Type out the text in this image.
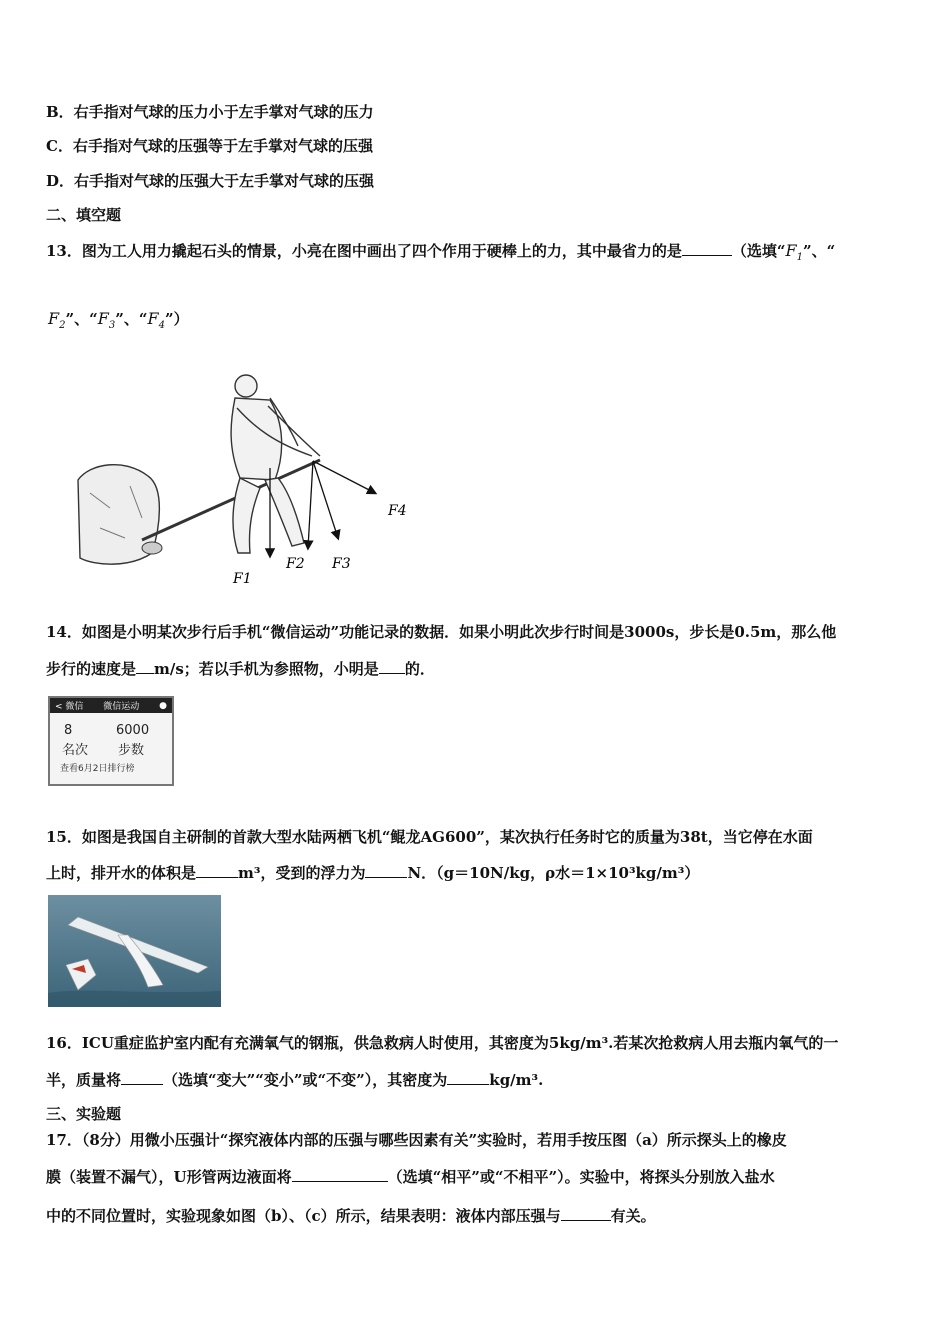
B．右手指对气球的压力小于左手掌对气球的压力
C．右手指对气球的压强等于左手掌对气球的压强
D．右手指对气球的压强大于左手掌对气球的压强
二、填空题
13．图为工人用力撬起石头的情景，小亮在图中画出了四个作用于硬棒上的力，其中最省力的是	（选填“$F_1$”、“
$F_2$”、“$F_3$”、“$F_4$”）
F1
F2 F3
F4
14．如图是小明某次步行后手机“微信运动”功能记录的数据．如果小明此次步行时间是3000s，步长是0.5m，那么他
步行的速度是 m/s；若以手机为参照物，小明是 的．
< 微信 微信运动 ●
8	6000
名次	步数
查看6月2日排行榜
15．如图是我国自主研制的首款大型水陆两栖飞机“鲲龙AG600”，某次执行任务时它的质量为38t，当它停在水面
上时，排开水的体积是	m³，受到的浮力为	N．（g＝10N/kg，ρ水＝1×10³kg/m³）
16．ICU重症监护室内配有充满氧气的钢瓶，供急救病人时使用，其密度为5kg/m³.若某次抢救病人用去瓶内氧气的一
半，质量将	（选填“变大”“变小”或“不变”），其密度为	kg/m³.
三、实验题
17．（8分）用微小压强计“探究液体内部的压强与哪些因素有关”实验时，若用手按压图（a）所示探头上的橡皮
膜（装置不漏气），U形管两边液面将	（选填“相平”或“不相平”）。实验中，将探头分别放入盐水
中的不同位置时，实验现象如图（b）、（c）所示，结果表明：液体内部压强与	有关。
